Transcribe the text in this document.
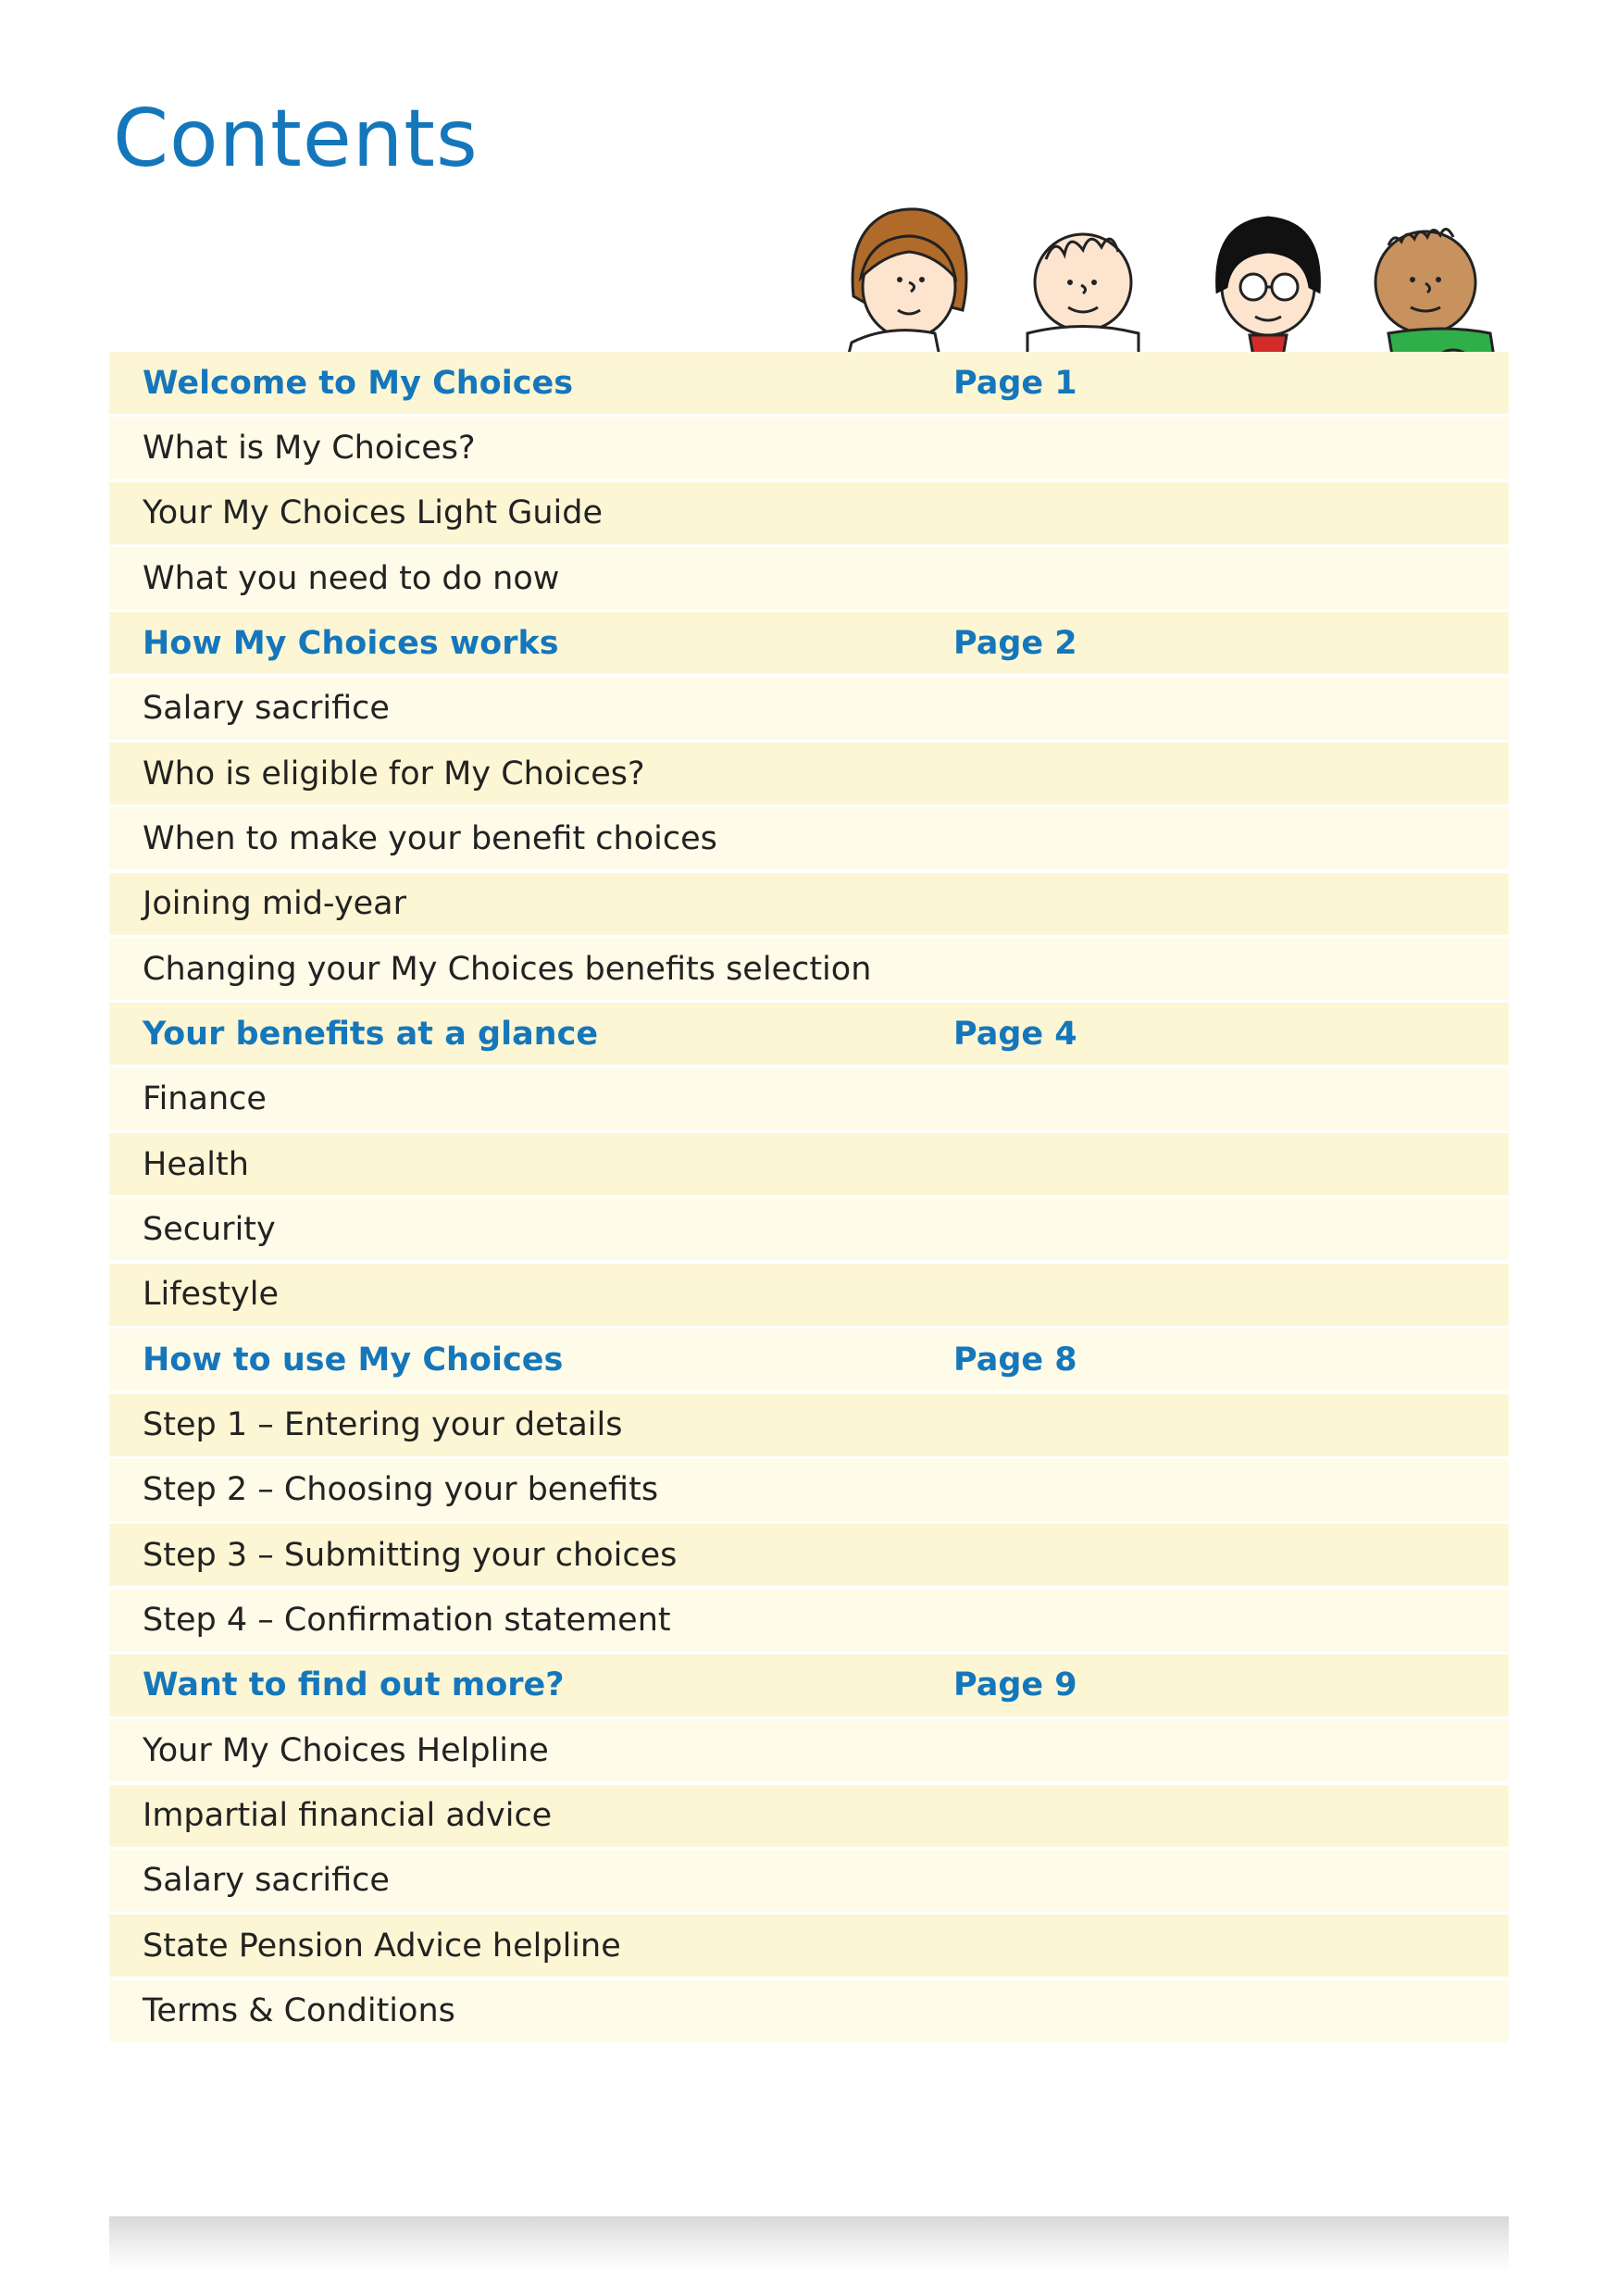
Contents
Welcome to My Choices	Page 1
What is My Choices?
Your My Choices Light Guide
What you need to do now
How My Choices works	Page 2
Salary sacrifice
Who is eligible for My Choices?
When to make your benefit choices
Joining mid-year
Changing your My Choices benefits selection
Your benefits at a glance	Page 4
Finance
Health
Security
Lifestyle
How to use My Choices	Page 8
Step 1 – Entering your details
Step 2 – Choosing your benefits
Step 3 – Submitting your choices
Step 4 – Confirmation statement
Want to find out more?	Page 9
Your My Choices Helpline
Impartial financial advice
Salary sacrifice
State Pension Advice helpline
Terms & Conditions
